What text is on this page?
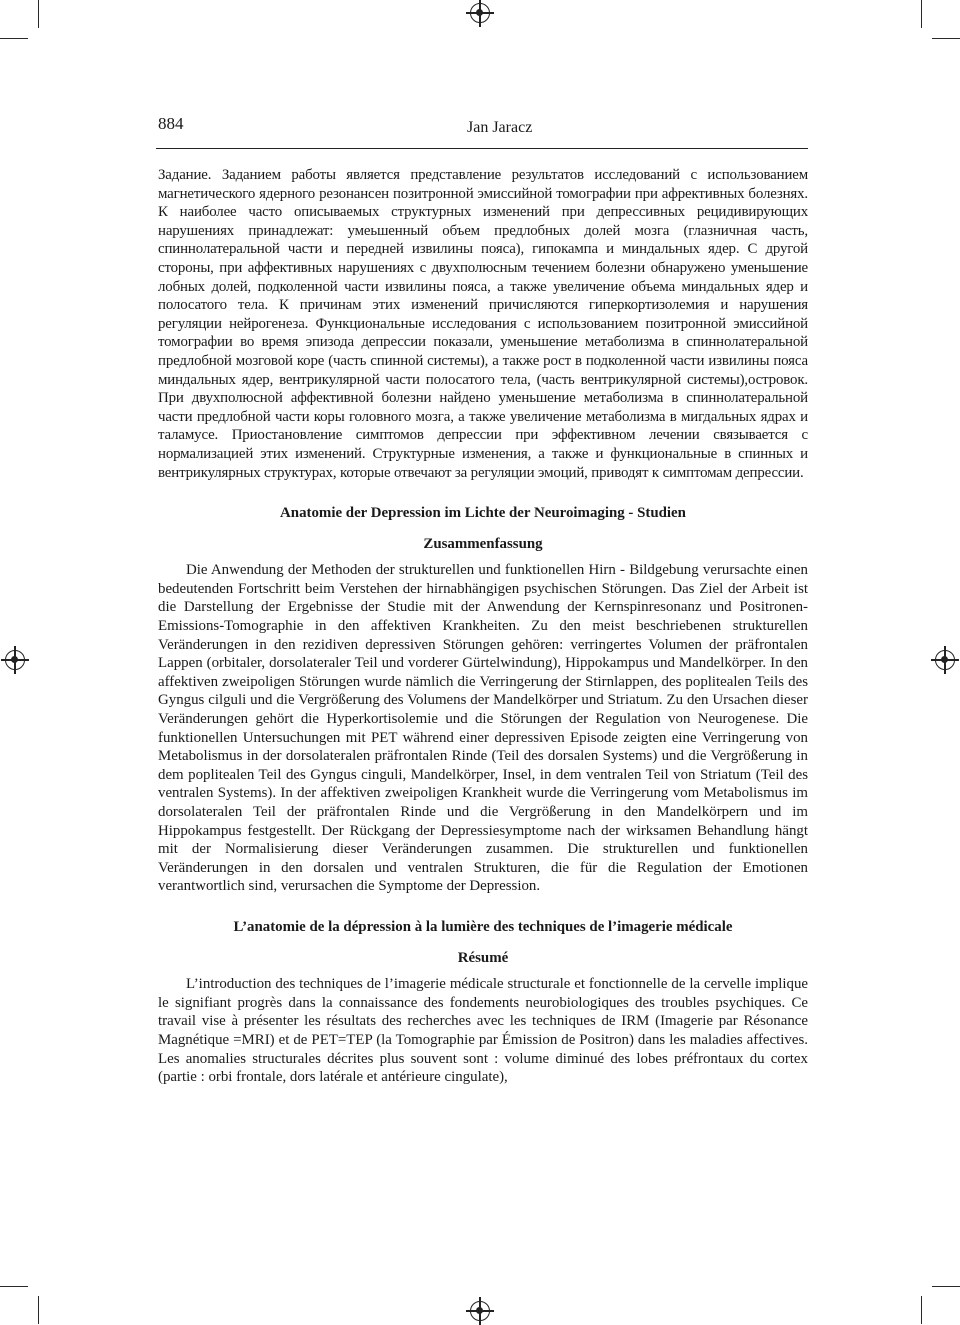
884	Jan Jaracz

Задание. Заданием работы является представление результатов исследований с использованием магнетического ядерного резонансен позитронной эмиссийной томографии при афрективных болезнях. К наиболее часто описываемых структурных изменений при депрессивных рецидивирующих нарушениях принадлежат: умеьшенный объем предлобных долей мозга (глазничная часть, спиннолатеральной части и передней извилины пояса), гипокампа и миндальных ядер. С другой стороны, при аффективных нарушениях с двухполюсным течением болезни обнаружено уменьшение лобных долей, подколенной части извилины пояса, а также увеличение объема миндальных ядер и полосатого тела. К причинам этих изменений причисляются гиперкортизолемия и нарушения регуляции нейрогенеза. Функциональные исследования с использованием позитронной эмиссийной томографии во время эпизода депрессии показали, уменьшение метаболизма в спиннолатеральной предлобной мозговой коре (часть спинной системы), а также рост в подколенной части извилины пояса миндальных ядер, вентрикулярной части полосатого тела, (часть вентрикулярной системы),островок. При двухполюсной аффективной болезни найдено уменьшение метаболизма в спиннолатеральной части предлобной части коры головного мозга, а также увеличение метаболизма в мигдальных ядрах и таламусе. Приостановление симптомов депрессии при эффективном лечении связывается с нормализацией этих изменений. Структурные изменения, а также и функциональные в спинных и вентрикулярных структурах, которые отвечают за регуляции эмоций, приводят к симптомам депрессии.

Anatomie der Depression im Lichte der Neuroimaging - Studien
Zusammenfassung

Die Anwendung der Methoden der strukturellen und funktionellen Hirn - Bildgebung verursachte einen bedeutenden Fortschritt beim Verstehen der hirnabhängigen psychischen Störungen. Das Ziel der Arbeit ist die Darstellung der Ergebnisse der Studie mit der Anwendung der Kernspinresonanz und Positronen-Emissions-Tomographie in den affektiven Krankheiten. Zu den meist beschriebenen strukturellen Veränderungen in den rezidiven depressiven Störungen gehören: verringertes Volumen der präfrontalen Lappen (orbitaler, dorsolateraler Teil und vorderer Gürtelwindung), Hippokampus und Mandelkörper. In den affektiven zweipoligen Störungen wurde nämlich die Verringerung der Stirnlappen, des poplitealen Teils des Gyngus cilguli und die Vergrößerung des Volumens der Mandelkörper und Striatum. Zu den Ursachen dieser Veränderungen gehört die Hyperkortisolemie und die Störungen der Regulation von Neurogenese. Die funktionellen Untersuchungen mit PET während einer depressiven Episode zeigten eine Verringerung von Metabolismus in der dorsolateralen präfrontalen Rinde (Teil des dorsalen Systems) und die Vergrößerung in dem poplitealen Teil des Gyngus cinguli, Mandelkörper, Insel, in dem ventralen Teil von Striatum (Teil des ventralen Systems). In der affektiven zweipoligen Krankheit wurde die Verringerung vom Metabolismus im dorsolateralen Teil der präfrontalen Rinde und die Vergrößerung in den Mandelkörpern und im Hippokampus festgestellt. Der Rückgang der Depressiesymptome nach der wirksamen Behandlung hängt mit der Normalisierung dieser Veränderungen zusammen. Die strukturellen und funktionellen Veränderungen in den dorsalen und ventralen Strukturen, die für die Regulation der Emotionen verantwortlich sind, verursachen die Symptome der Depression.

L’anatomie de la dépression à la lumière des techniques de l’imagerie médicale
Résumé

L’introduction des techniques de l’imagerie médicale structurale et fonctionnelle de la cervelle implique le signifiant progrès dans la connaissance des fondements neurobiologiques des troubles psychiques. Ce travail vise à présenter les résultats des recherches avec les techniques de IRM (Imagerie par Résonance Magnétique =MRI) et de PET=TEP (la Tomographie par Émission de Positron) dans les maladies affectives. Les anomalies structurales décrites plus souvent sont : volume diminué des lobes préfrontaux du cortex (partie : orbi frontale, dors latérale et antérieure cingulate),
